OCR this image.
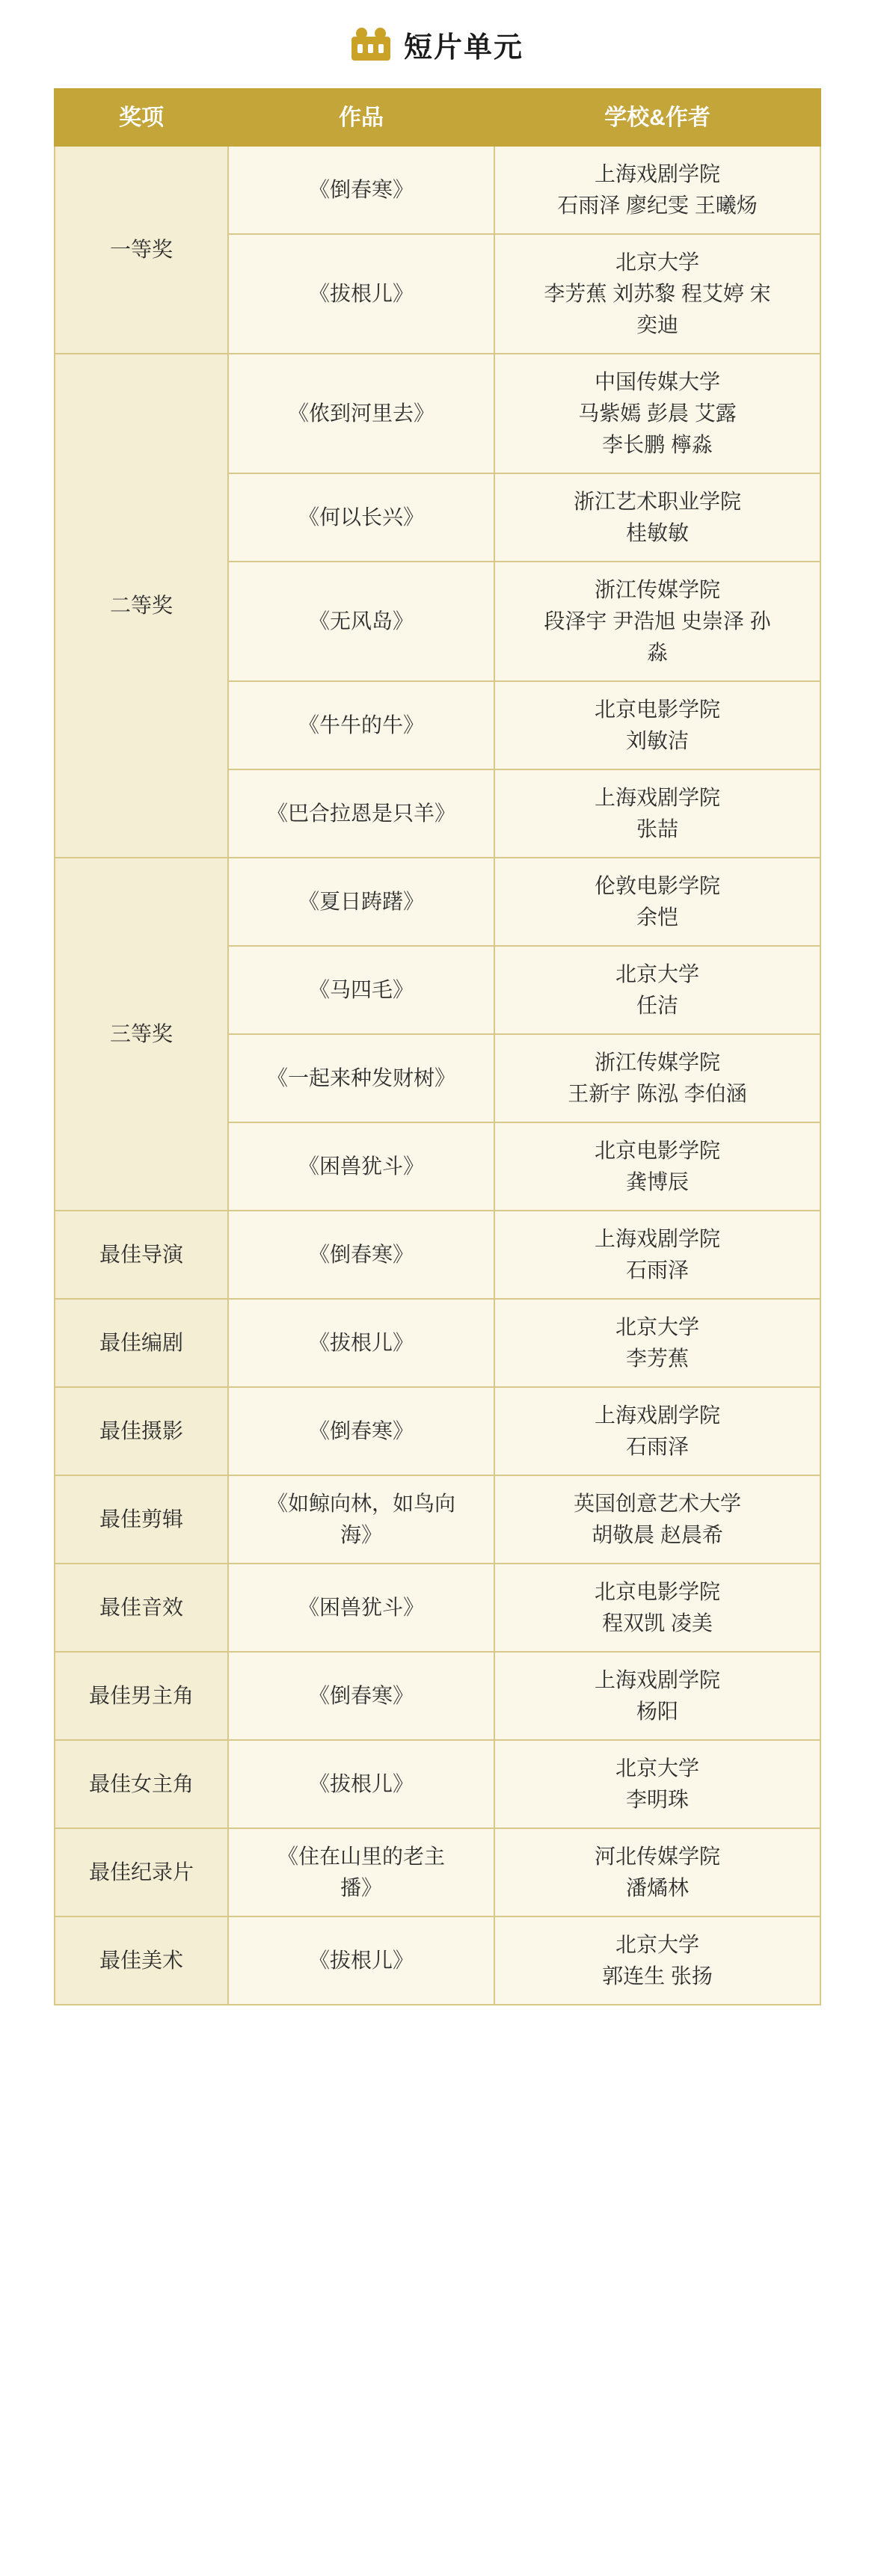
短片单元
奖项	作品	学校&作者
一等奖	《倒春寒》	上海戏剧学院
石雨泽 廖纪雯 王曦炀

	《拔根儿》	北京大学
李芳蕉 刘苏黎 程艾婷 宋
奕迪

二等奖	《侬到河里去》	中国传媒大学
马紫嫣 彭晨 艾露
李长鹏 檸淼

	《何以长兴》	浙江艺术职业学院
桂敏敏

	《无风岛》	浙江传媒学院
段泽宇 尹浩旭 史崇泽 孙
淼

	《牛牛的牛》	北京电影学院
刘敏洁

	《巴合拉恩是只羊》	上海戏剧学院
张喆

三等奖	《夏日踌躇》	伦敦电影学院
余恺

	《马四毛》	北京大学
任洁

	《一起来种发财树》	浙江传媒学院
王新宇 陈泓 李伯涵

	《困兽犹斗》	北京电影学院
龚博辰

最佳导演	《倒春寒》	上海戏剧学院
石雨泽

最佳编剧	《拔根儿》	北京大学
李芳蕉

最佳摄影	《倒春寒》	上海戏剧学院
石雨泽

最佳剪辑	《如鲸向林，如鸟向
海》	英国创意艺术大学
胡敬晨 赵晨希

最佳音效	《困兽犹斗》	北京电影学院
程双凯 凌美

最佳男主角	《倒春寒》	上海戏剧学院
杨阳

最佳女主角	《拔根儿》	北京大学
李明珠

最佳纪录片	《住在山里的老主
播》	河北传媒学院
潘燏林

最佳美术	《拔根儿》	北京大学
郭连生 张扬
